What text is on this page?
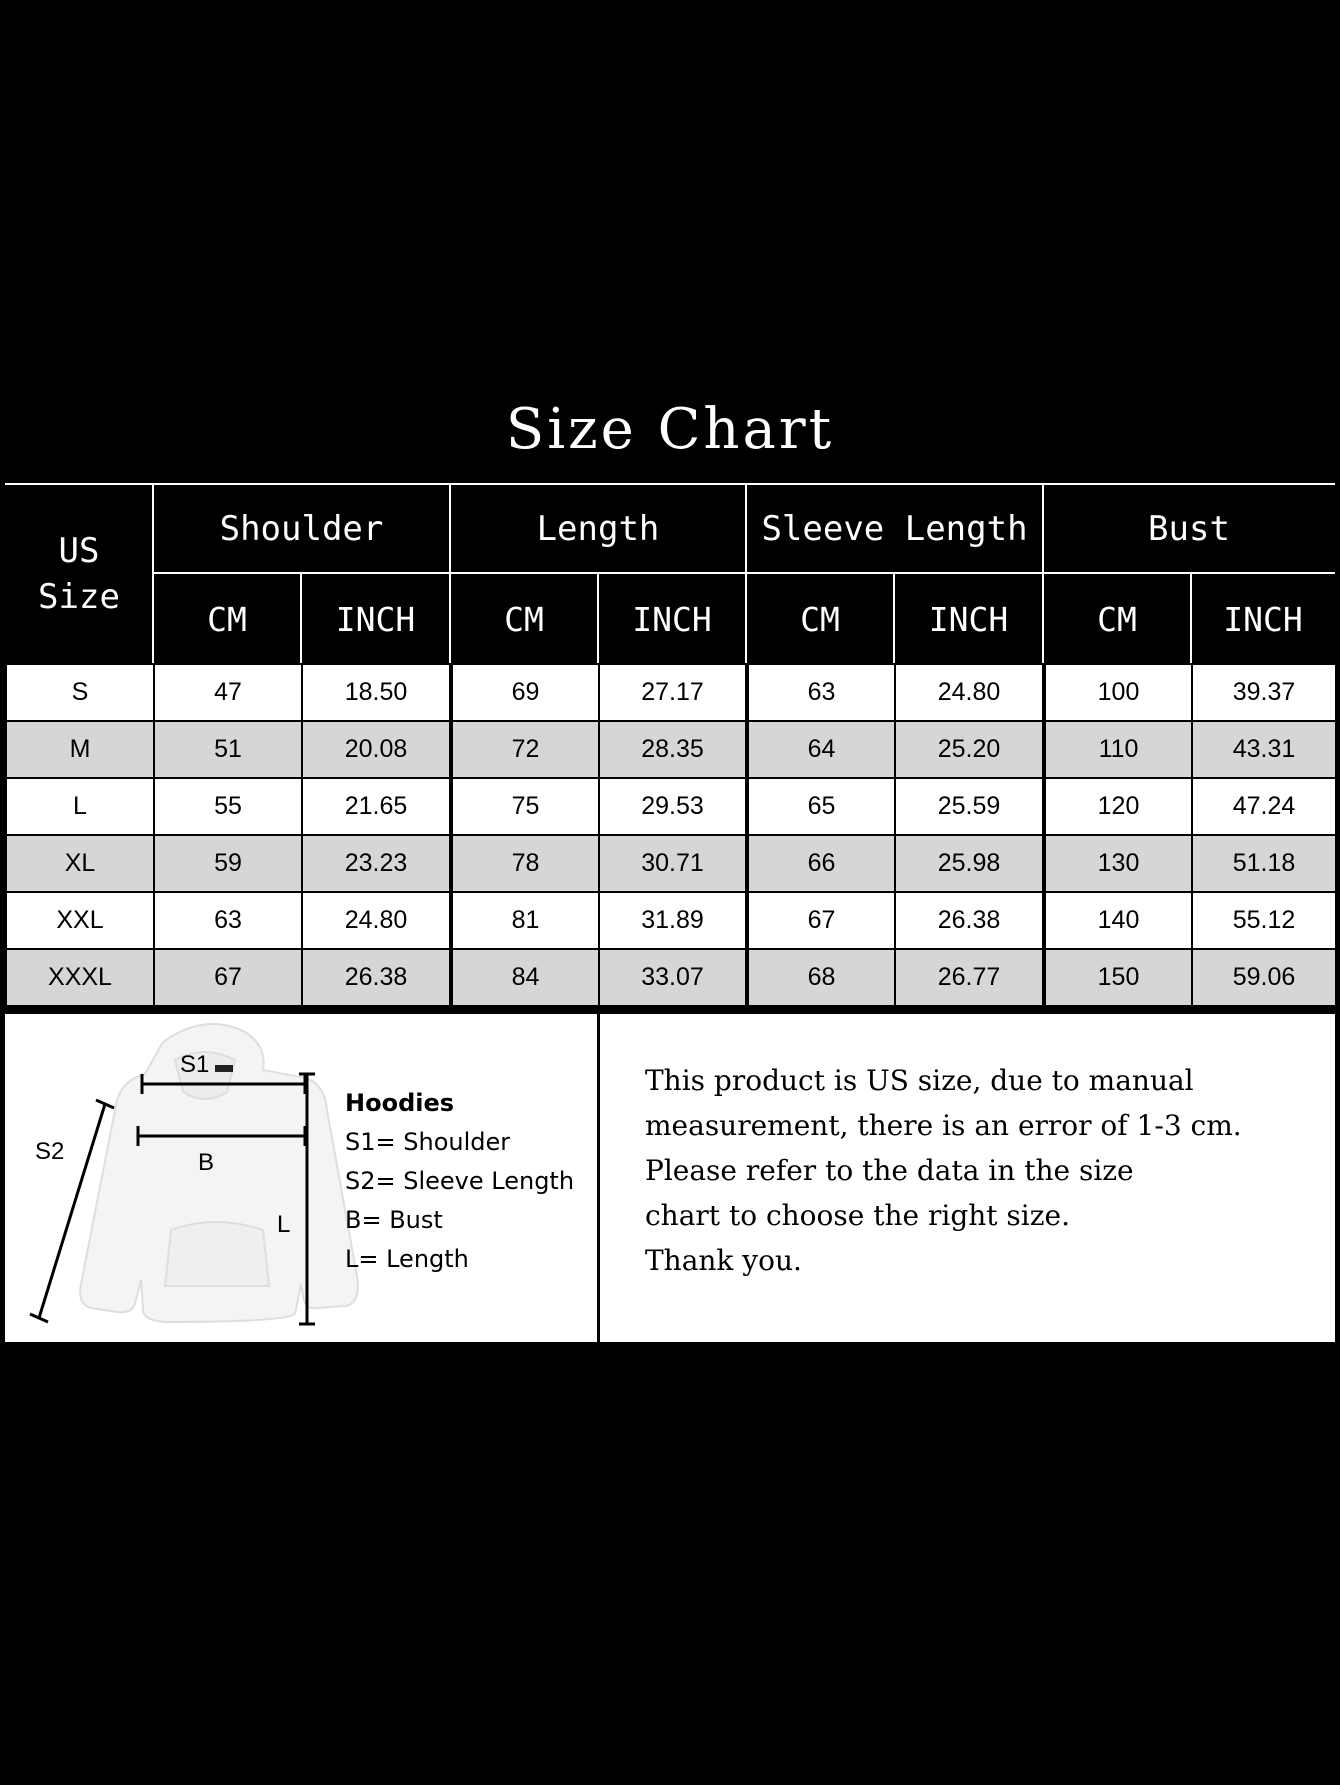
Size Chart
US
Size
Shoulder	Length	Sleeve Length	Bust
CM	INCH	CM	INCH	CM	INCH	CM	INCH
S	47	18.50	69	27.17	63	24.80	100	39.37
M	51	20.08	72	28.35	64	25.20	110	43.31
L	55	21.65	75	29.53	65	25.59	120	47.24
XL	59	23.23	78	30.71	66	25.98	130	51.18
XXL	63	24.80	81	31.89	67	26.38	140	55.12
XXXL	67	26.38	84	33.07	68	26.77	150	59.06
S1
S2	B
L
Hoodies
S1= Shoulder
S2= Sleeve Length
B= Bust
L= Length
This product is US size, due to manual
measurement, there is an error of 1-3 cm.
Please refer to the data in the size
chart to choose the right size.
Thank you.
